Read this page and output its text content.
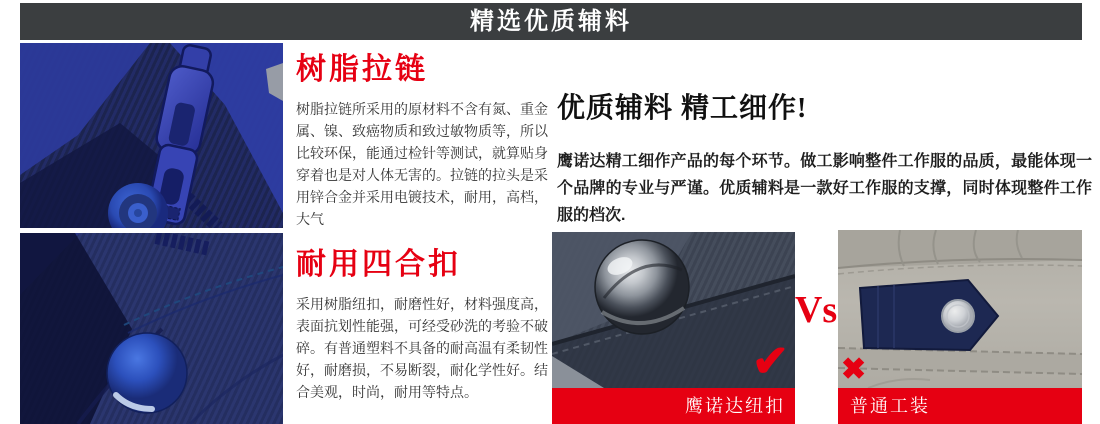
精选优质辅料
树脂拉链

树脂拉链所采用的原材料不含有氮、重金属、镍、致癌物质和致过敏物质等，所以比较环保，能通过检针等测试，就算贴身穿着也是对人体无害的。拉链的拉头是采用锌合金并采用电镀技术，耐用，高档，大气

耐用四合扣

采用树脂纽扣，耐磨性好，材料强度高，表面抗划性能强，可经受砂洗的考验不破碎。有普通塑料不具备的耐高温有柔韧性好，耐磨损，不易断裂，耐化学性好。结合美观，时尚，耐用等特点。

优质辅料 精工细作!

鹰诺达精工细作产品的每个环节。做工影响整件工作服的品质，最能体现一个品牌的专业与严谨。优质辅料是一款好工作服的支撑，同时体现整件工作服的档次.

Vs
✔ ✖
鹰诺达纽扣	普通工装
